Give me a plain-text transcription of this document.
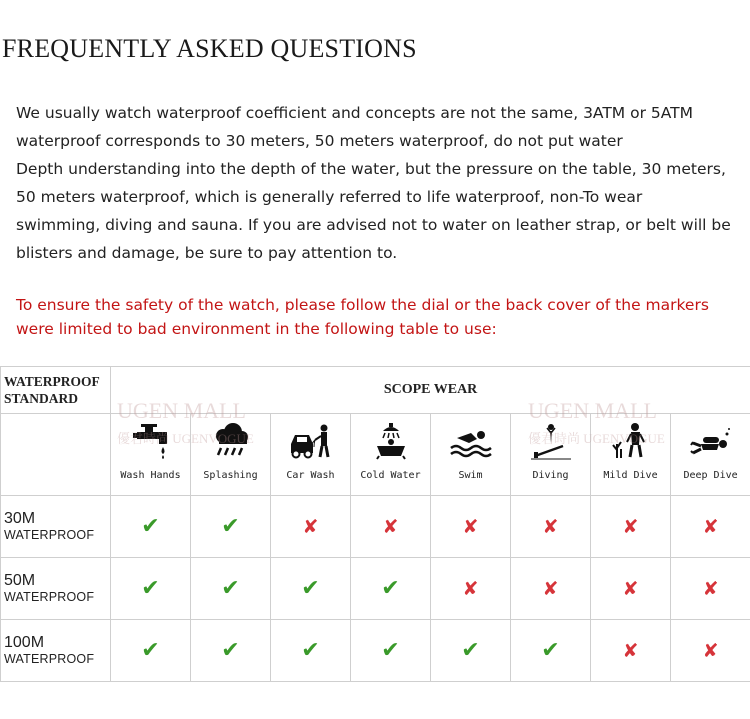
FREQUENTLY ASKED QUESTIONS

We usually watch waterproof coefficient and concepts are not the same, 3ATM or 5ATM waterproof corresponds to 30 meters, 50 meters waterproof, do not put water

Depth understanding into the depth of the water, but the pressure on the table, 30 meters, 50 meters waterproof, which is generally referred to life waterproof, non-To wear swimming, diving and sauna. If you are advised not to water on leather strap, or belt will be blisters and damage, be sure to pay attention to.

To ensure the safety of the watch, please follow the dial or the back cover of the markers were limited to bad environment in the following table to use:

WATERPROOF STANDARD	SCOPE WEAR							

	Wash Hands	Splashing	Car Wash	Cold Water	Swim	Diving	Mild Dive	Deep Dive

30M
WATERPROOF	✔	✔	✘	✘	✘	✘	✘	✘

50M
WATERPROOF	✔	✔	✔	✔	✘	✘	✘	✘

100M
WATERPROOF	✔	✔	✔	✔	✔	✔	✘	✘
UGEN MALL	UGEN MALL
優君時尚 UGENVOGUE	優君時尚 UGENVOGUE
